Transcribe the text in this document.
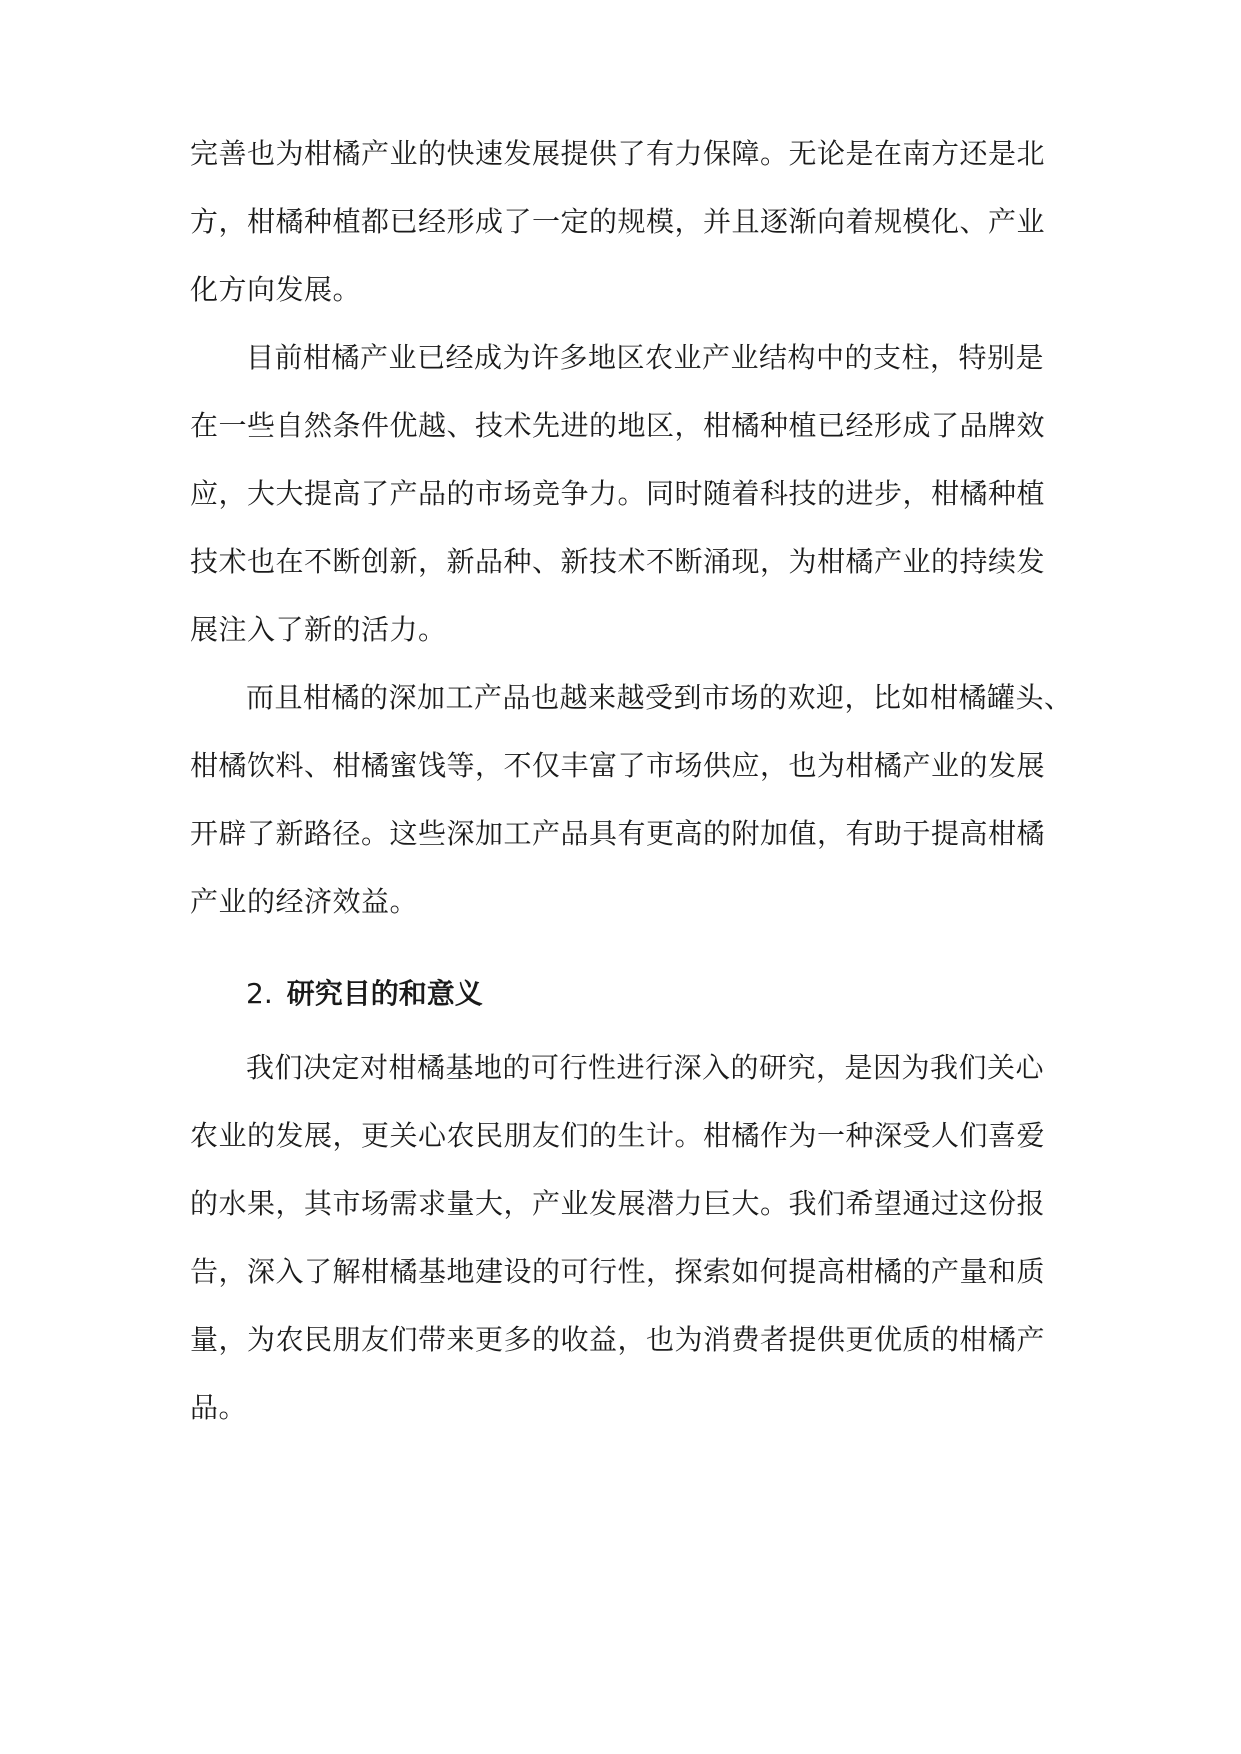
完善也为柑橘产业的快速发展提供了有力保障。无论是在南方还是北
方，柑橘种植都已经形成了一定的规模，并且逐渐向着规模化、产业
化方向发展。
目前柑橘产业已经成为许多地区农业产业结构中的支柱，特别是
在一些自然条件优越、技术先进的地区，柑橘种植已经形成了品牌效
应，大大提高了产品的市场竞争力。同时随着科技的进步，柑橘种植
技术也在不断创新，新品种、新技术不断涌现，为柑橘产业的持续发
展注入了新的活力。
而且柑橘的深加工产品也越来越受到市场的欢迎，比如柑橘罐头、
柑橘饮料、柑橘蜜饯等，不仅丰富了市场供应，也为柑橘产业的发展
开辟了新路径。这些深加工产品具有更高的附加值，有助于提高柑橘
产业的经济效益。
2. 研究目的和意义
我们决定对柑橘基地的可行性进行深入的研究，是因为我们关心
农业的发展，更关心农民朋友们的生计。柑橘作为一种深受人们喜爱
的水果，其市场需求量大，产业发展潜力巨大。我们希望通过这份报
告，深入了解柑橘基地建设的可行性，探索如何提高柑橘的产量和质
量，为农民朋友们带来更多的收益，也为消费者提供更优质的柑橘产
品。
